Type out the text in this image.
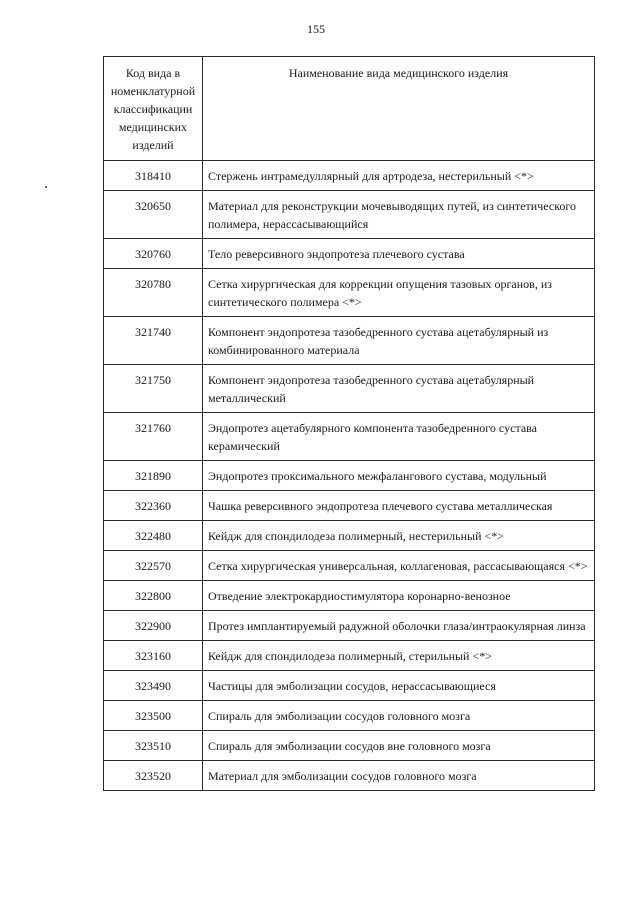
155
Код вида в номенклатурной классификации медицинских изделий	Наименование вида медицинского изделия
318410	Стержень интрамедуллярный для артродеза, нестерильный <*>
320650	Материал для реконструкции мочевыводящих путей, из синтетического полимера, нерассасывающийся
320760	Тело реверсивного эндопротеза плечевого сустава
320780	Сетка хирургическая для коррекции опущения тазовых органов, из синтетического полимера <*>
321740	Компонент эндопротеза тазобедренного сустава ацетабулярный из комбинированного материала
321750	Компонент эндопротеза тазобедренного сустава ацетабулярный металлический
321760	Эндопротез ацетабулярного компонента тазобедренного сустава керамический
321890	Эндопротез проксимального межфалангового сустава, модульный
322360	Чашка реверсивного эндопротеза плечевого сустава металлическая
322480	Кейдж для спондилодеза полимерный, нестерильный <*>
322570	Сетка хирургическая универсальная, коллагеновая, рассасывающаяся <*>
322800	Отведение электрокардиостимулятора коронарно-венозное
322900	Протез имплантируемый радужной оболочки глаза/интраокулярная линза
323160	Кейдж для спондилодеза полимерный, стерильный <*>
323490	Частицы для эмболизации сосудов, нерассасывающиеся
323500	Спираль для эмболизации сосудов головного мозга
323510	Спираль для эмболизации сосудов вне головного мозга
323520	Материал для эмболизации сосудов головного мозга
